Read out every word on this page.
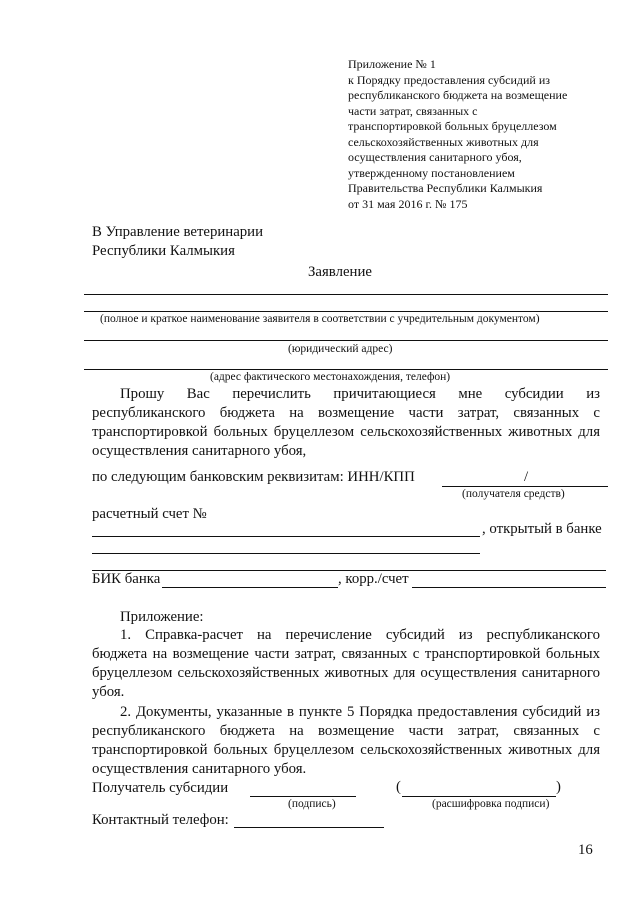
Приложение № 1
к Порядку предоставления субсидий из
республиканского бюджета на возмещение
части затрат, связанных с
транспортировкой больных бруцеллезом
сельскохозяйственных животных для
осуществления санитарного убоя,
утвержденному постановлением
Правительства Республики Калмыкия
от 31 мая 2016 г. № 175
В Управление ветеринарии
Республики Калмыкия
Заявление
(полное и краткое наименование заявителя в соответствии с учредительным документом)
(юридический адрес)
(адрес фактического местонахождения, телефон)
Прошу Вас перечислить причитающиеся мне субсидии из
республиканского бюджета на возмещение части затрат, связанных с
транспортировкой больных бруцеллезом сельскохозяйственных животных для
осуществления санитарного убоя,
по следующим банковским реквизитам: ИНН/КПП	/
(получателя средств)
расчетный счет №
, открытый в банке
БИК банка	, корр./счет
Приложение:
1. Справка-расчет на перечисление субсидий из республиканского
бюджета на возмещение части затрат, связанных с транспортировкой больных
бруцеллезом сельскохозяйственных животных для осуществления санитарного
убоя.
2. Документы, указанные в пункте 5 Порядка предоставления субсидий из
республиканского бюджета на возмещение части затрат, связанных с
транспортировкой больных бруцеллезом сельскохозяйственных животных для
осуществления санитарного убоя.
Получатель субсидии
(подпись)
(	)
(расшифровка подписи)
Контактный телефон:
16
